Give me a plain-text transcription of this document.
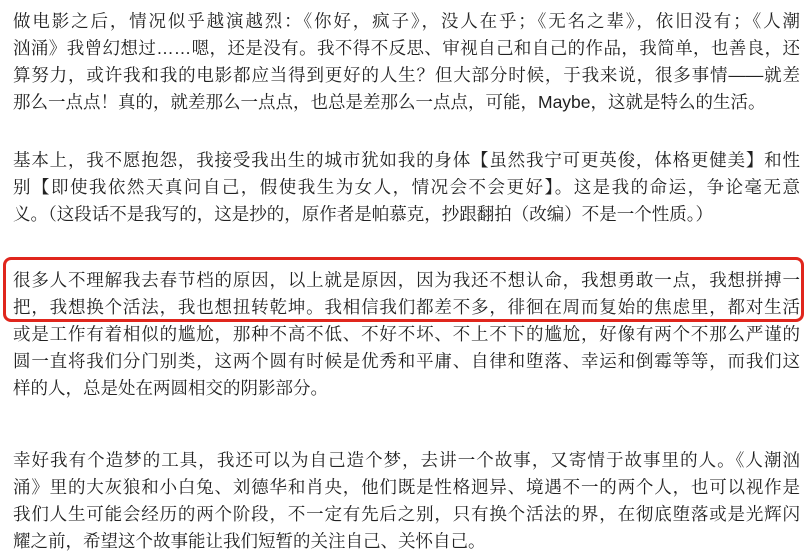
做电影之后，情况似乎越演越烈：《你好，疯子》，没人在乎；《无名之辈》，依旧没有；《人潮
汹涌》我曾幻想过……嗯，还是没有。我不得不反思、审视自己和自己的作品，我简单，也善良，还
算努力，或许我和我的电影都应当得到更好的人生？但大部分时候，于我来说，很多事情——就差
那么一点点！真的，就差那么一点点，也总是差那么一点点，可能，Maybe，这就是特么的生活。
基本上，我不愿抱怨，我接受我出生的城市犹如我的身体【虽然我宁可更英俊，体格更健美】和性
别【即使我依然天真问自己，假使我生为女人，情况会不会更好】。这是我的命运，争论毫无意
义。（这段话不是我写的，这是抄的，原作者是帕慕克，抄跟翻拍（改编）不是一个性质。）
很多人不理解我去春节档的原因，以上就是原因，因为我还不想认命，我想勇敢一点，我想拼搏一
把，我想换个活法，我也想扭转乾坤。我相信我们都差不多，徘徊在周而复始的焦虑里，都对生活
或是工作有着相似的尴尬，那种不高不低、不好不坏、不上不下的尴尬，好像有两个不那么严谨的
圆一直将我们分门别类，这两个圆有时候是优秀和平庸、自律和堕落、幸运和倒霉等等，而我们这
样的人，总是处在两圆相交的阴影部分。
幸好我有个造梦的工具，我还可以为自己造个梦，去讲一个故事，又寄情于故事里的人。《人潮汹
涌》里的大灰狼和小白兔、刘德华和肖央，他们既是性格迥异、境遇不一的两个人，也可以视作是
我们人生可能会经历的两个阶段，不一定有先后之别，只有换个活法的界，在彻底堕落或是光辉闪
耀之前，希望这个故事能让我们短暂的关注自己、关怀自己。
